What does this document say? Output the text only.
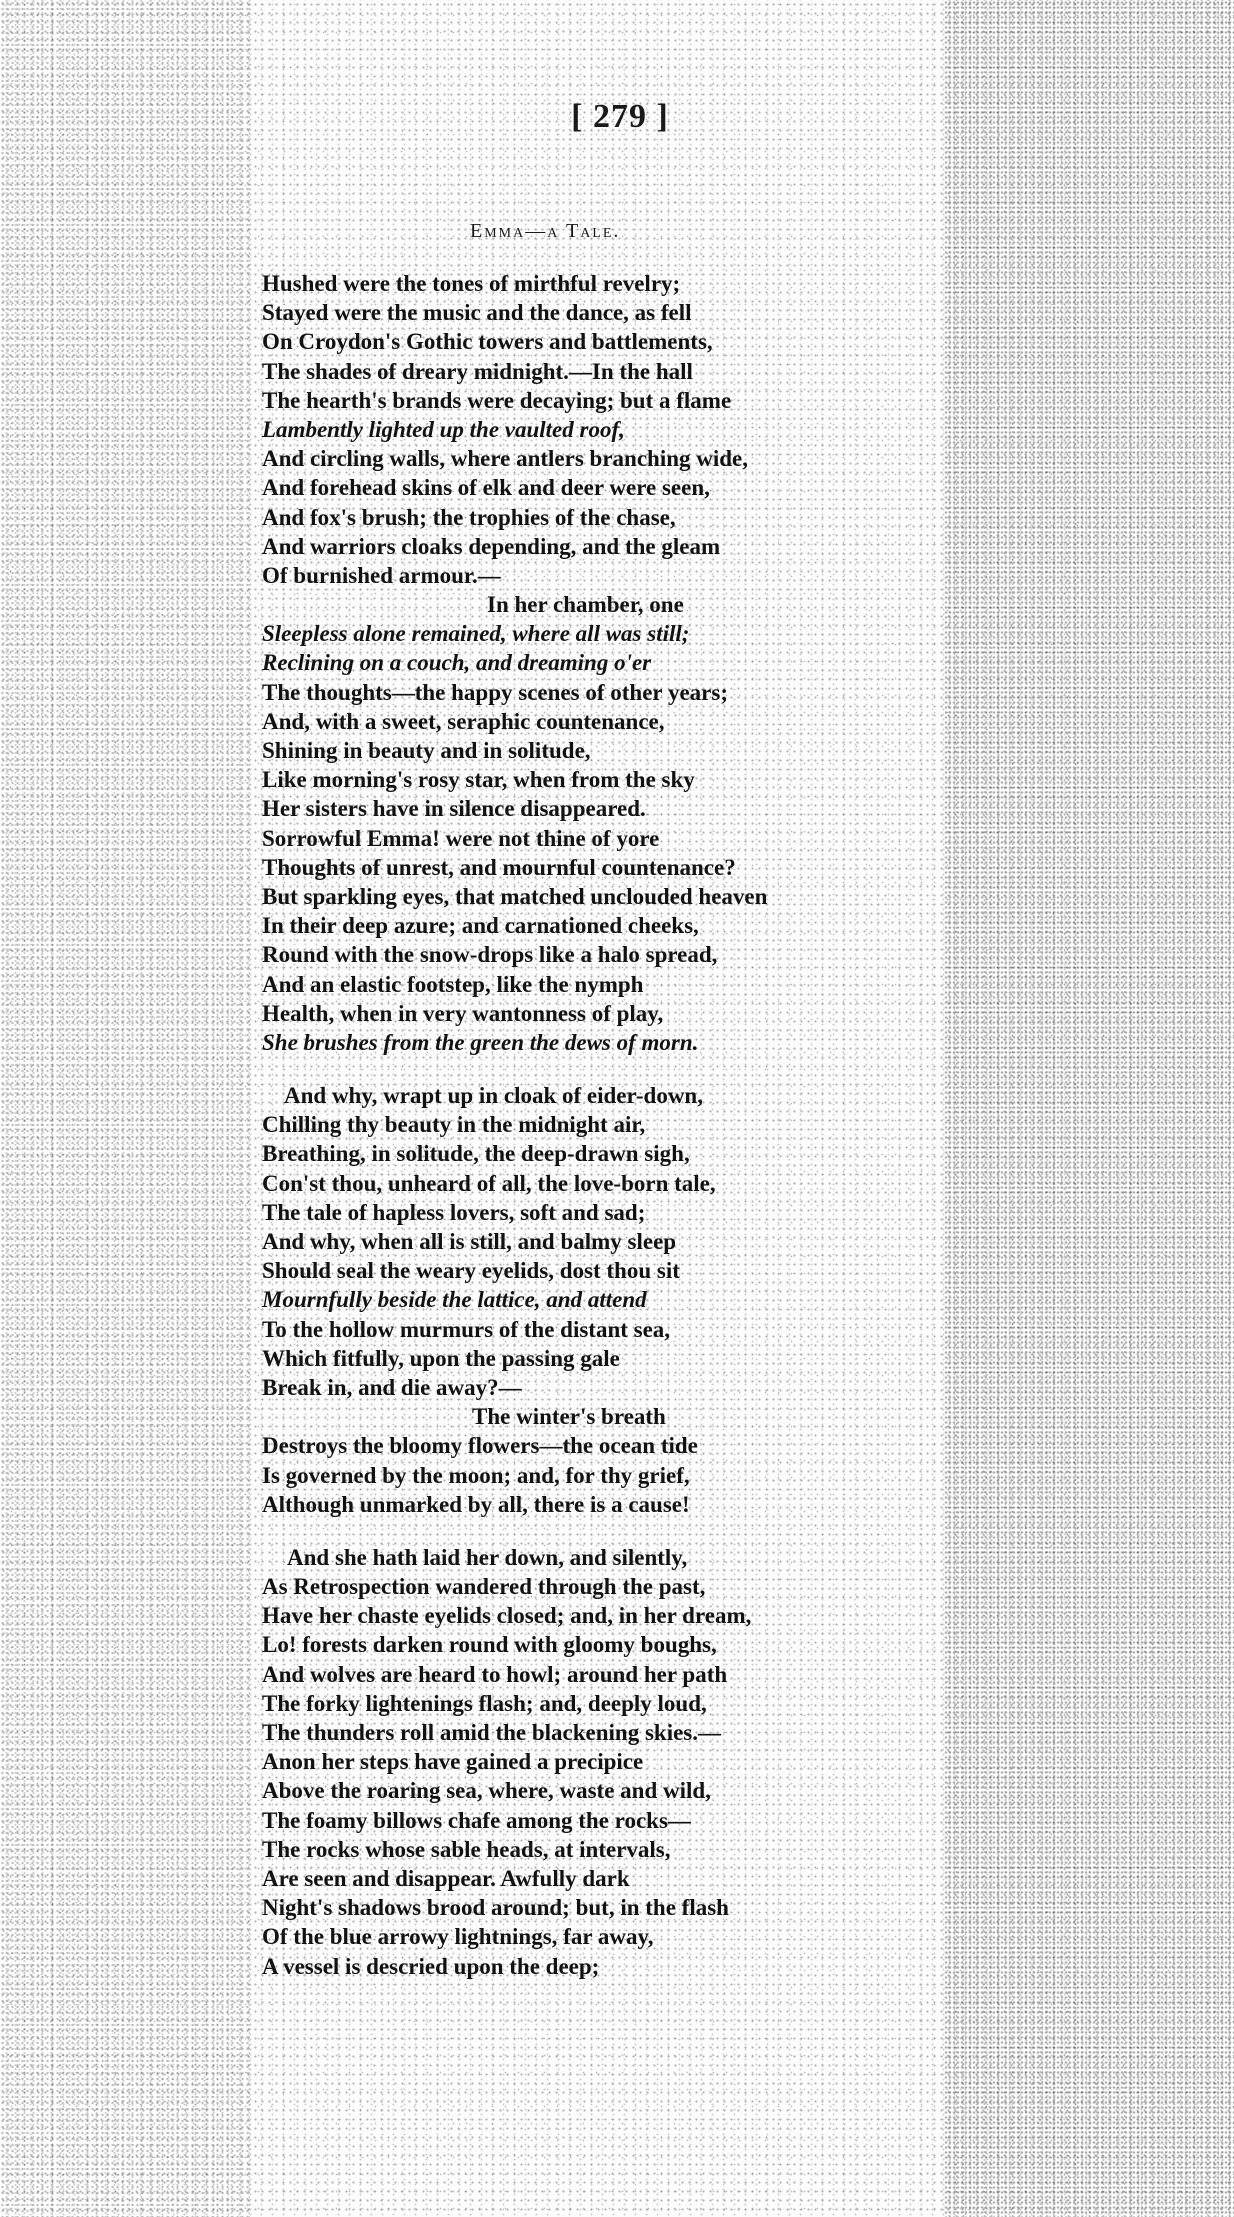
[ 279 ]
Emma—a Tale.
Hushed were the tones of mirthful revelry;
Stayed were the music and the dance, as fell
On Croydon's Gothic towers and battlements,
The shades of dreary midnight.—In the hall
The hearth's brands were decaying; but a flame
Lambently lighted up the vaulted roof,
And circling walls, where antlers branching wide,
And forehead skins of elk and deer were seen,
And fox's brush; the trophies of the chase,
And warriors cloaks depending, and the gleam
Of burnished armour.—
In her chamber, one
Sleepless alone remained, where all was still;
Reclining on a couch, and dreaming o'er
The thoughts—the happy scenes of other years;
And, with a sweet, seraphic countenance,
Shining in beauty and in solitude,
Like morning's rosy star, when from the sky
Her sisters have in silence disappeared.
Sorrowful Emma! were not thine of yore
Thoughts of unrest, and mournful countenance?
But sparkling eyes, that matched unclouded heaven
In their deep azure; and carnationed cheeks,
Round with the snow-drops like a halo spread,
And an elastic footstep, like the nymph
Health, when in very wantonness of play,
She brushes from the green the dews of morn.
And why, wrapt up in cloak of eider-down,
Chilling thy beauty in the midnight air,
Breathing, in solitude, the deep-drawn sigh,
Con'st thou, unheard of all, the love-born tale,
The tale of hapless lovers, soft and sad;
And why, when all is still, and balmy sleep
Should seal the weary eyelids, dost thou sit
Mournfully beside the lattice, and attend
To the hollow murmurs of the distant sea,
Which fitfully, upon the passing gale
Break in, and die away?—
The winter's breath
Destroys the bloomy flowers—the ocean tide
Is governed by the moon; and, for thy grief,
Although unmarked by all, there is a cause!
And she hath laid her down, and silently,
As Retrospection wandered through the past,
Have her chaste eyelids closed; and, in her dream,
Lo! forests darken round with gloomy boughs,
And wolves are heard to howl; around her path
The forky lightenings flash; and, deeply loud,
The thunders roll amid the blackening skies.—
Anon her steps have gained a precipice
Above the roaring sea, where, waste and wild,
The foamy billows chafe among the rocks—
The rocks whose sable heads, at intervals,
Are seen and disappear. Awfully dark
Night's shadows brood around; but, in the flash
Of the blue arrowy lightnings, far away,
A vessel is descried upon the deep;
